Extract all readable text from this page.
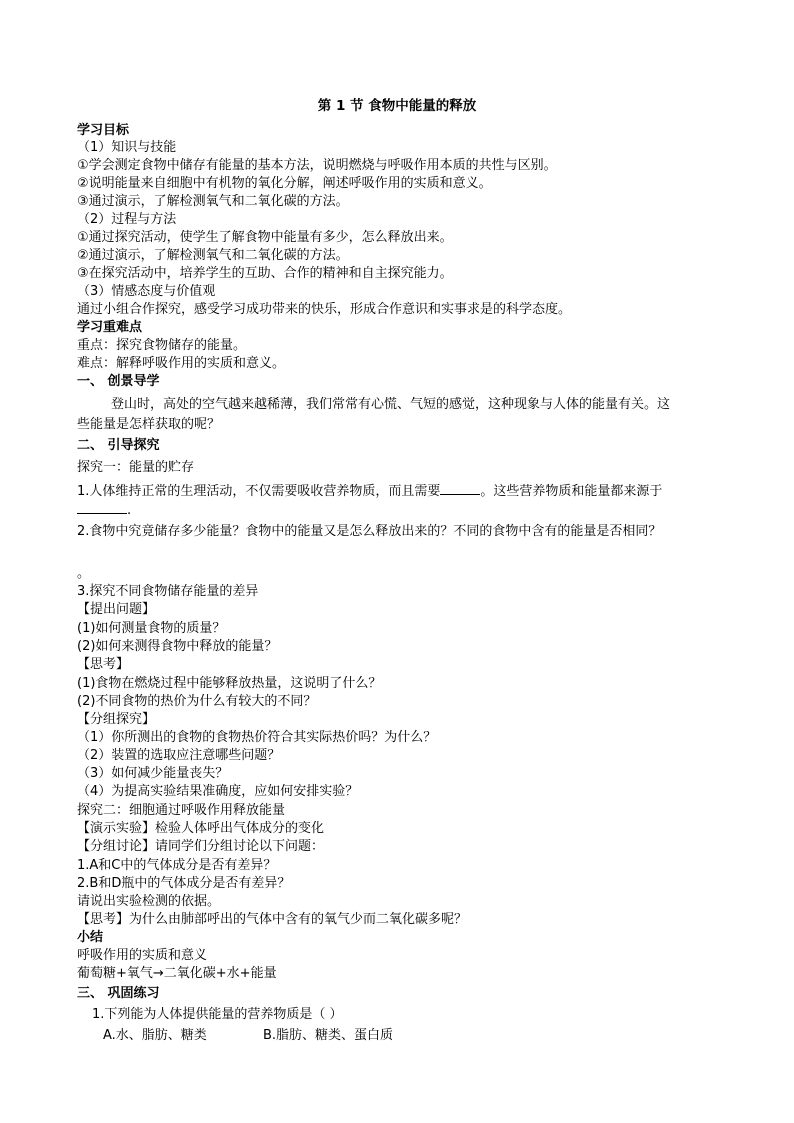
第 1 节 食物中能量的释放
学习目标
（1）知识与技能
①学会测定食物中储存有能量的基本方法，说明燃烧与呼吸作用本质的共性与区别。
②说明能量来自细胞中有机物的氧化分解，阐述呼吸作用的实质和意义。
③通过演示，了解检测氧气和二氧化碳的方法。
（2）过程与方法
①通过探究活动，使学生了解食物中能量有多少，怎么释放出来。
②通过演示，了解检测氧气和二氧化碳的方法。
③在探究活动中，培养学生的互助、合作的精神和自主探究能力。
（3）情感态度与价值观
通过小组合作探究，感受学习成功带来的快乐，形成合作意识和实事求是的科学态度。
学习重难点
重点：探究食物储存的能量。
难点：解释呼吸作用的实质和意义。
一、 创景导学
登山时，高处的空气越来越稀薄，我们常常有心慌、气短的感觉，这种现象与人体的能量有关。这
些能量是怎样获取的呢？
二、 引导探究
探究一：能量的贮存
1.人体维持正常的生理活动，不仅需要吸收营养物质，而且需要	。这些营养物质和能量都来源于
.
2.食物中究竟储存多少能量？食物中的能量又是怎么释放出来的？不同的食物中含有的能量是否相同？
。
3.探究不同食物储存能量的差异
【提出问题】
(1)如何测量食物的质量？
(2)如何来测得食物中释放的能量？
【思考】
(1)食物在燃烧过程中能够释放热量，这说明了什么？
(2)不同食物的热价为什么有较大的不同？
【分组探究】
（1）你所测出的食物的食物热价符合其实际热价吗？为什么？
（2）装置的选取应注意哪些问题？
（3）如何减少能量丧失？
（4）为提高实验结果准确度，应如何安排实验？
探究二：细胞通过呼吸作用释放能量
【演示实验】检验人体呼出气体成分的变化
【分组讨论】请同学们分组讨论以下问题：
1.A和C中的气体成分是否有差异？
2.B和D瓶中的气体成分是否有差异？
请说出实验检测的依据。
【思考】为什么由肺部呼出的气体中含有的氧气少而二氧化碳多呢？
小结
呼吸作用的实质和意义
葡萄糖+氧气→二氧化碳+水+能量
三、 巩固练习
1.下列能为人体提供能量的营养物质是（ ）
A.水、脂肪、糖类	B.脂肪、糖类、蛋白质
